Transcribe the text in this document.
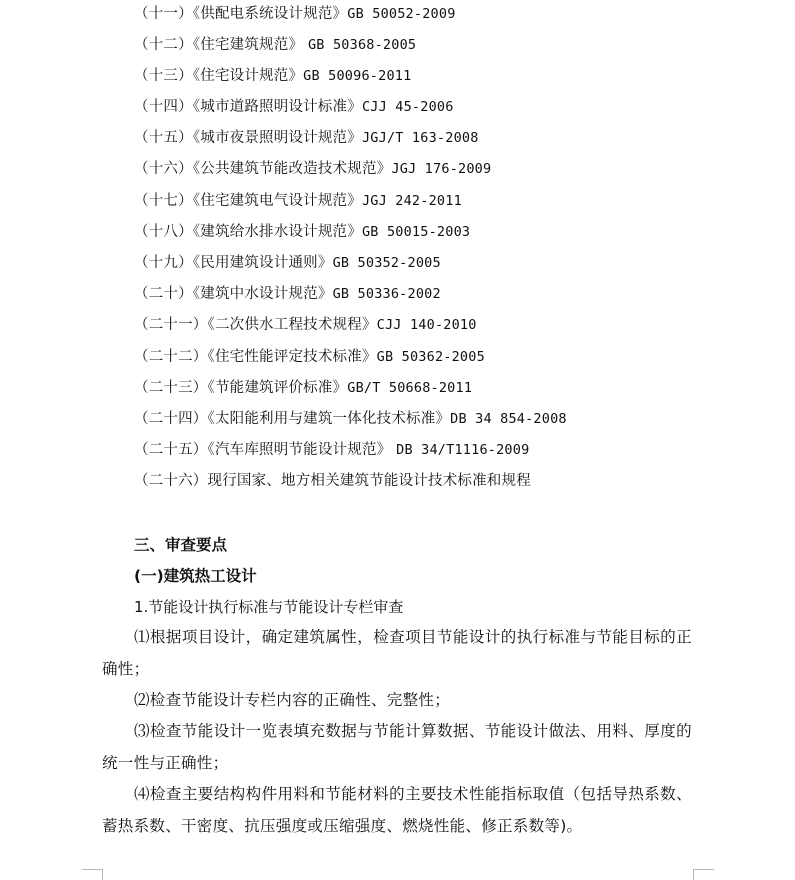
（十一）《供配电系统设计规范》GB 50052-2009
（十二）《住宅建筑规范》 GB 50368-2005
（十三）《住宅设计规范》GB 50096-2011
（十四）《城市道路照明设计标准》CJJ 45-2006
（十五）《城市夜景照明设计规范》JGJ/T 163-2008
（十六）《公共建筑节能改造技术规范》JGJ 176-2009
（十七）《住宅建筑电气设计规范》JGJ 242-2011
（十八）《建筑给水排水设计规范》GB 50015-2003
（十九）《民用建筑设计通则》GB 50352-2005
（二十）《建筑中水设计规范》GB 50336-2002
（二十一）《二次供水工程技术规程》CJJ 140-2010
（二十二）《住宅性能评定技术标准》GB 50362-2005
（二十三）《节能建筑评价标准》GB/T 50668-2011
（二十四）《太阳能利用与建筑一体化技术标准》DB 34 854-2008
（二十五）《汽车库照明节能设计规范》 DB 34/T1116-2009
（二十六）现行国家、地方相关建筑节能设计技术标准和规程
三、审查要点
(一)建筑热工设计
1.节能设计执行标准与节能设计专栏审查
⑴根据项目设计，确定建筑属性，检查项目节能设计的执行标准与节能目标的正确性；
⑵检查节能设计专栏内容的正确性、完整性；
⑶检查节能设计一览表填充数据与节能计算数据、节能设计做法、用料、厚度的统一性与正确性；
⑷检查主要结构构件用料和节能材料的主要技术性能指标取值（包括导热系数、蓄热系数、干密度、抗压强度或压缩强度、燃烧性能、修正系数等)。
